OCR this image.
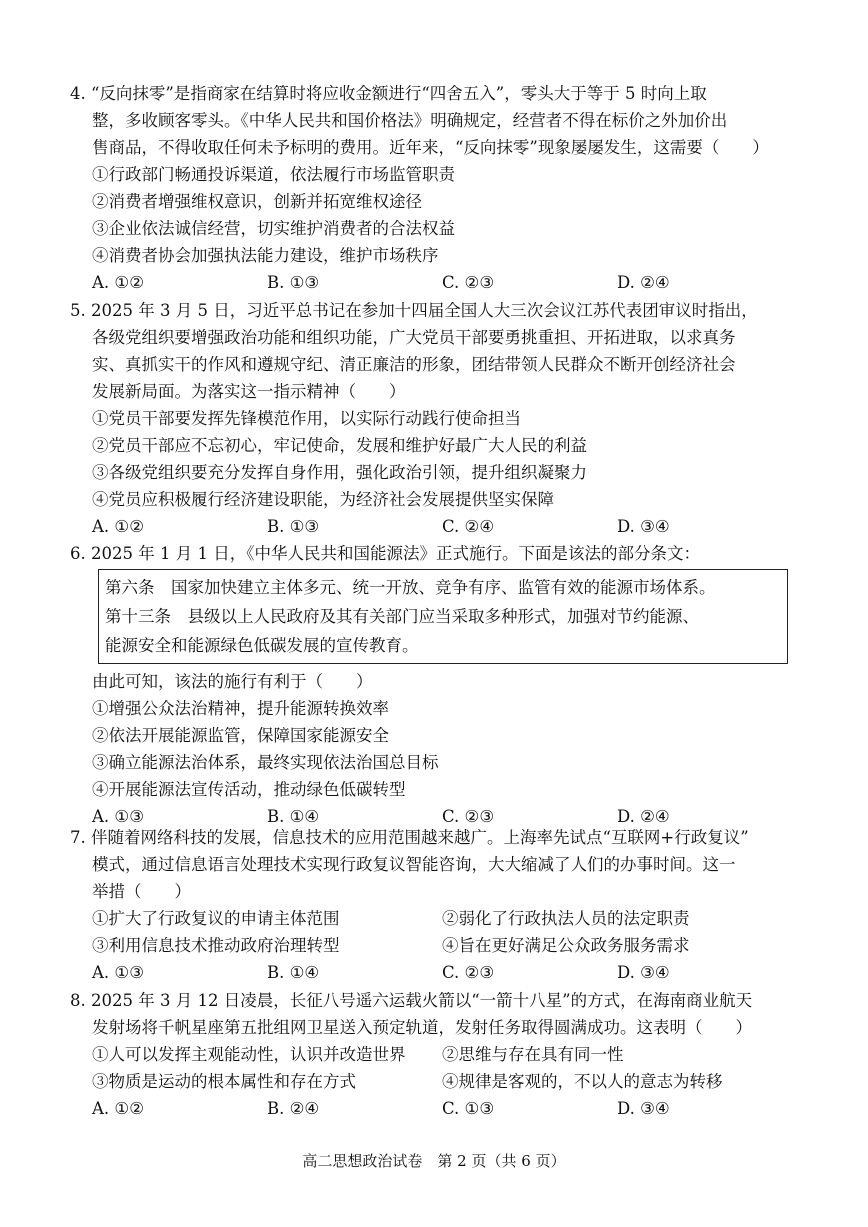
4. “反向抹零”是指商家在结算时将应收金额进行“四舍五入”，零头大于等于 5 时向上取
整，多收顾客零头。《中华人民共和国价格法》明确规定，经营者不得在标价之外加价出
售商品，不得收取任何未予标明的费用。近年来，“反向抹零”现象屡屡发生，这需要（　　）
①行政部门畅通投诉渠道，依法履行市场监管职责
②消费者增强维权意识，创新并拓宽维权途径
③企业依法诚信经营，切实维护消费者的合法权益
④消费者协会加强执法能力建设，维护市场秩序
A. ①②	B. ①③	C. ②③	D. ②④
5. 2025 年 3 月 5 日，习近平总书记在参加十四届全国人大三次会议江苏代表团审议时指出，
各级党组织要增强政治功能和组织功能，广大党员干部要勇挑重担、开拓进取，以求真务
实、真抓实干的作风和遵规守纪、清正廉洁的形象，团结带领人民群众不断开创经济社会
发展新局面。为落实这一指示精神（　　）
①党员干部要发挥先锋模范作用，以实际行动践行使命担当
②党员干部应不忘初心，牢记使命，发展和维护好最广大人民的利益
③各级党组织要充分发挥自身作用，强化政治引领，提升组织凝聚力
④党员应积极履行经济建设职能，为经济社会发展提供坚实保障
A. ①②	B. ①③	C. ②④	D. ③④
6. 2025 年 1 月 1 日，《中华人民共和国能源法》正式施行。下面是该法的部分条文：
第六条　国家加快建立主体多元、统一开放、竞争有序、监管有效的能源市场体系。
第十三条　县级以上人民政府及其有关部门应当采取多种形式，加强对节约能源、
能源安全和能源绿色低碳发展的宣传教育。
由此可知，该法的施行有利于（　　）
①增强公众法治精神，提升能源转换效率
②依法开展能源监管，保障国家能源安全
③确立能源法治体系，最终实现依法治国总目标
④开展能源法宣传活动，推动绿色低碳转型
A. ①③	B. ①④	C. ②③	D. ②④
7. 伴随着网络科技的发展，信息技术的应用范围越来越广。上海率先试点“互联网+行政复议”
模式，通过信息语言处理技术实现行政复议智能咨询，大大缩减了人们的办事时间。这一
举措（　　）
①扩大了行政复议的申请主体范围	②弱化了行政执法人员的法定职责
③利用信息技术推动政府治理转型	④旨在更好满足公众政务服务需求
A. ①③	B. ①④	C. ②③	D. ③④
8. 2025 年 3 月 12 日凌晨，长征八号遥六运载火箭以“一箭十八星”的方式，在海南商业航天
发射场将千帆星座第五批组网卫星送入预定轨道，发射任务取得圆满成功。这表明（　　）
①人可以发挥主观能动性，认识并改造世界	②思维与存在具有同一性
③物质是运动的根本属性和存在方式	④规律是客观的，不以人的意志为转移
A. ①②	B. ②④	C. ①③	D. ③④
高二思想政治试卷　第 2 页（共 6 页）
